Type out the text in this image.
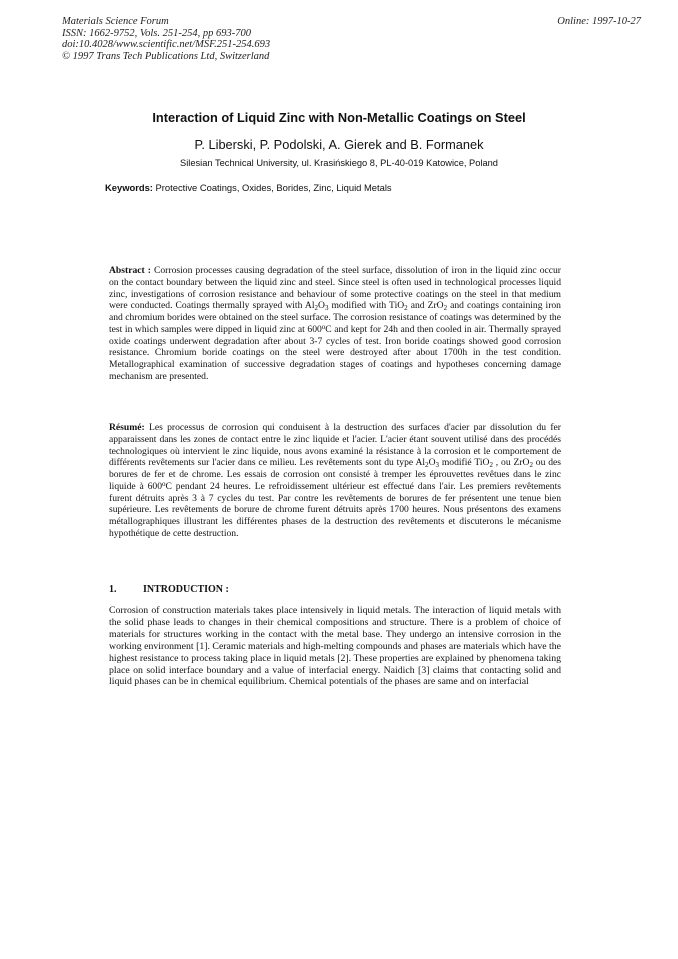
Materials Science Forum
ISSN: 1662-9752, Vols. 251-254, pp 693-700
doi:10.4028/www.scientific.net/MSF.251-254.693
© 1997 Trans Tech Publications Ltd, Switzerland
Online: 1997-10-27
Interaction of Liquid Zinc with Non-Metallic Coatings on Steel
P. Liberski, P. Podolski, A. Gierek and B. Formanek
Silesian Technical University, ul. Krasińskiego 8, PL-40-019 Katowice, Poland
Keywords: Protective Coatings, Oxides, Borides, Zinc, Liquid Metals
Abstract : Corrosion processes causing degradation of the steel surface, dissolution of iron in the liquid zinc occur on the contact boundary between the liquid zinc and steel. Since steel is often used in technological processes liquid zinc, investigations of corrosion resistance and behaviour of some protective coatings on the steel in that medium were conducted. Coatings thermally sprayed with $Al_2O_3$ modified with TiO$_2$ and ZrO$_2$ and coatings containing iron and chromium borides were obtained on the steel surface. The corrosion resistance of coatings was determined by the test in which samples were dipped in liquid zinc at 600$^o$C and kept for 24h and then cooled in air. Thermally sprayed oxide coatings underwent degradation after about 3-7 cycles of test. Iron boride coatings showed good corrosion resistance. Chromium boride coatings on the steel were destroyed after about 1700h in the test condition. Metallographical examination of successive degradation stages of coatings and hypotheses concerning damage mechanism are presented.
Résumé: Les processus de corrosion qui conduisent à la destruction des surfaces d'acier par dissolution du fer apparaissent dans les zones de contact entre le zinc liquide et l'acier. L'acier étant souvent utilisé dans des procédés technologiques où intervient le zinc liquide, nous avons examiné la résistance à la corrosion et le comportement de différents revêtements sur l'acier dans ce milieu. Les revêtements sont du type $Al_2O_3$ modifié TiO$_2$ , ou ZrO$_2$ ou des borures de fer et de chrome. Les essais de corrosion ont consisté à tremper les éprouvettes revêtues dans le zinc liquide à 600$^o$C pendant 24 heures. Le refroidissement ultérieur est effectué dans l'air. Les premiers revêtements furent détruits après 3 à 7 cycles du test. Par contre les revêtements de borures de fer présentent une tenue bien supérieure. Les revêtements de borure de chrome furent détruits après 1700 heures. Nous présentons des examens métallographiques illustrant les différentes phases de la destruction des revêtements et discuterons le mécanisme hypothétique de cette destruction.
1.	INTRODUCTION :
Corrosion of construction materials takes place intensively in liquid metals. The interaction of liquid metals with the solid phase leads to changes in their chemical compositions and structure. There is a problem of choice of materials for structures working in the contact with the metal base. They undergo an intensive corrosion in the working environment [1]. Ceramic materials and high-melting compounds and phases are materials which have the highest resistance to process taking place in liquid metals [2]. These properties are explained by phenomena taking place on solid interface boundary and a value of interfacial energy. Naidich [3] claims that contacting solid and liquid phases can be in chemical equilibrium. Chemical potentials of the phases are same and on interfacial
